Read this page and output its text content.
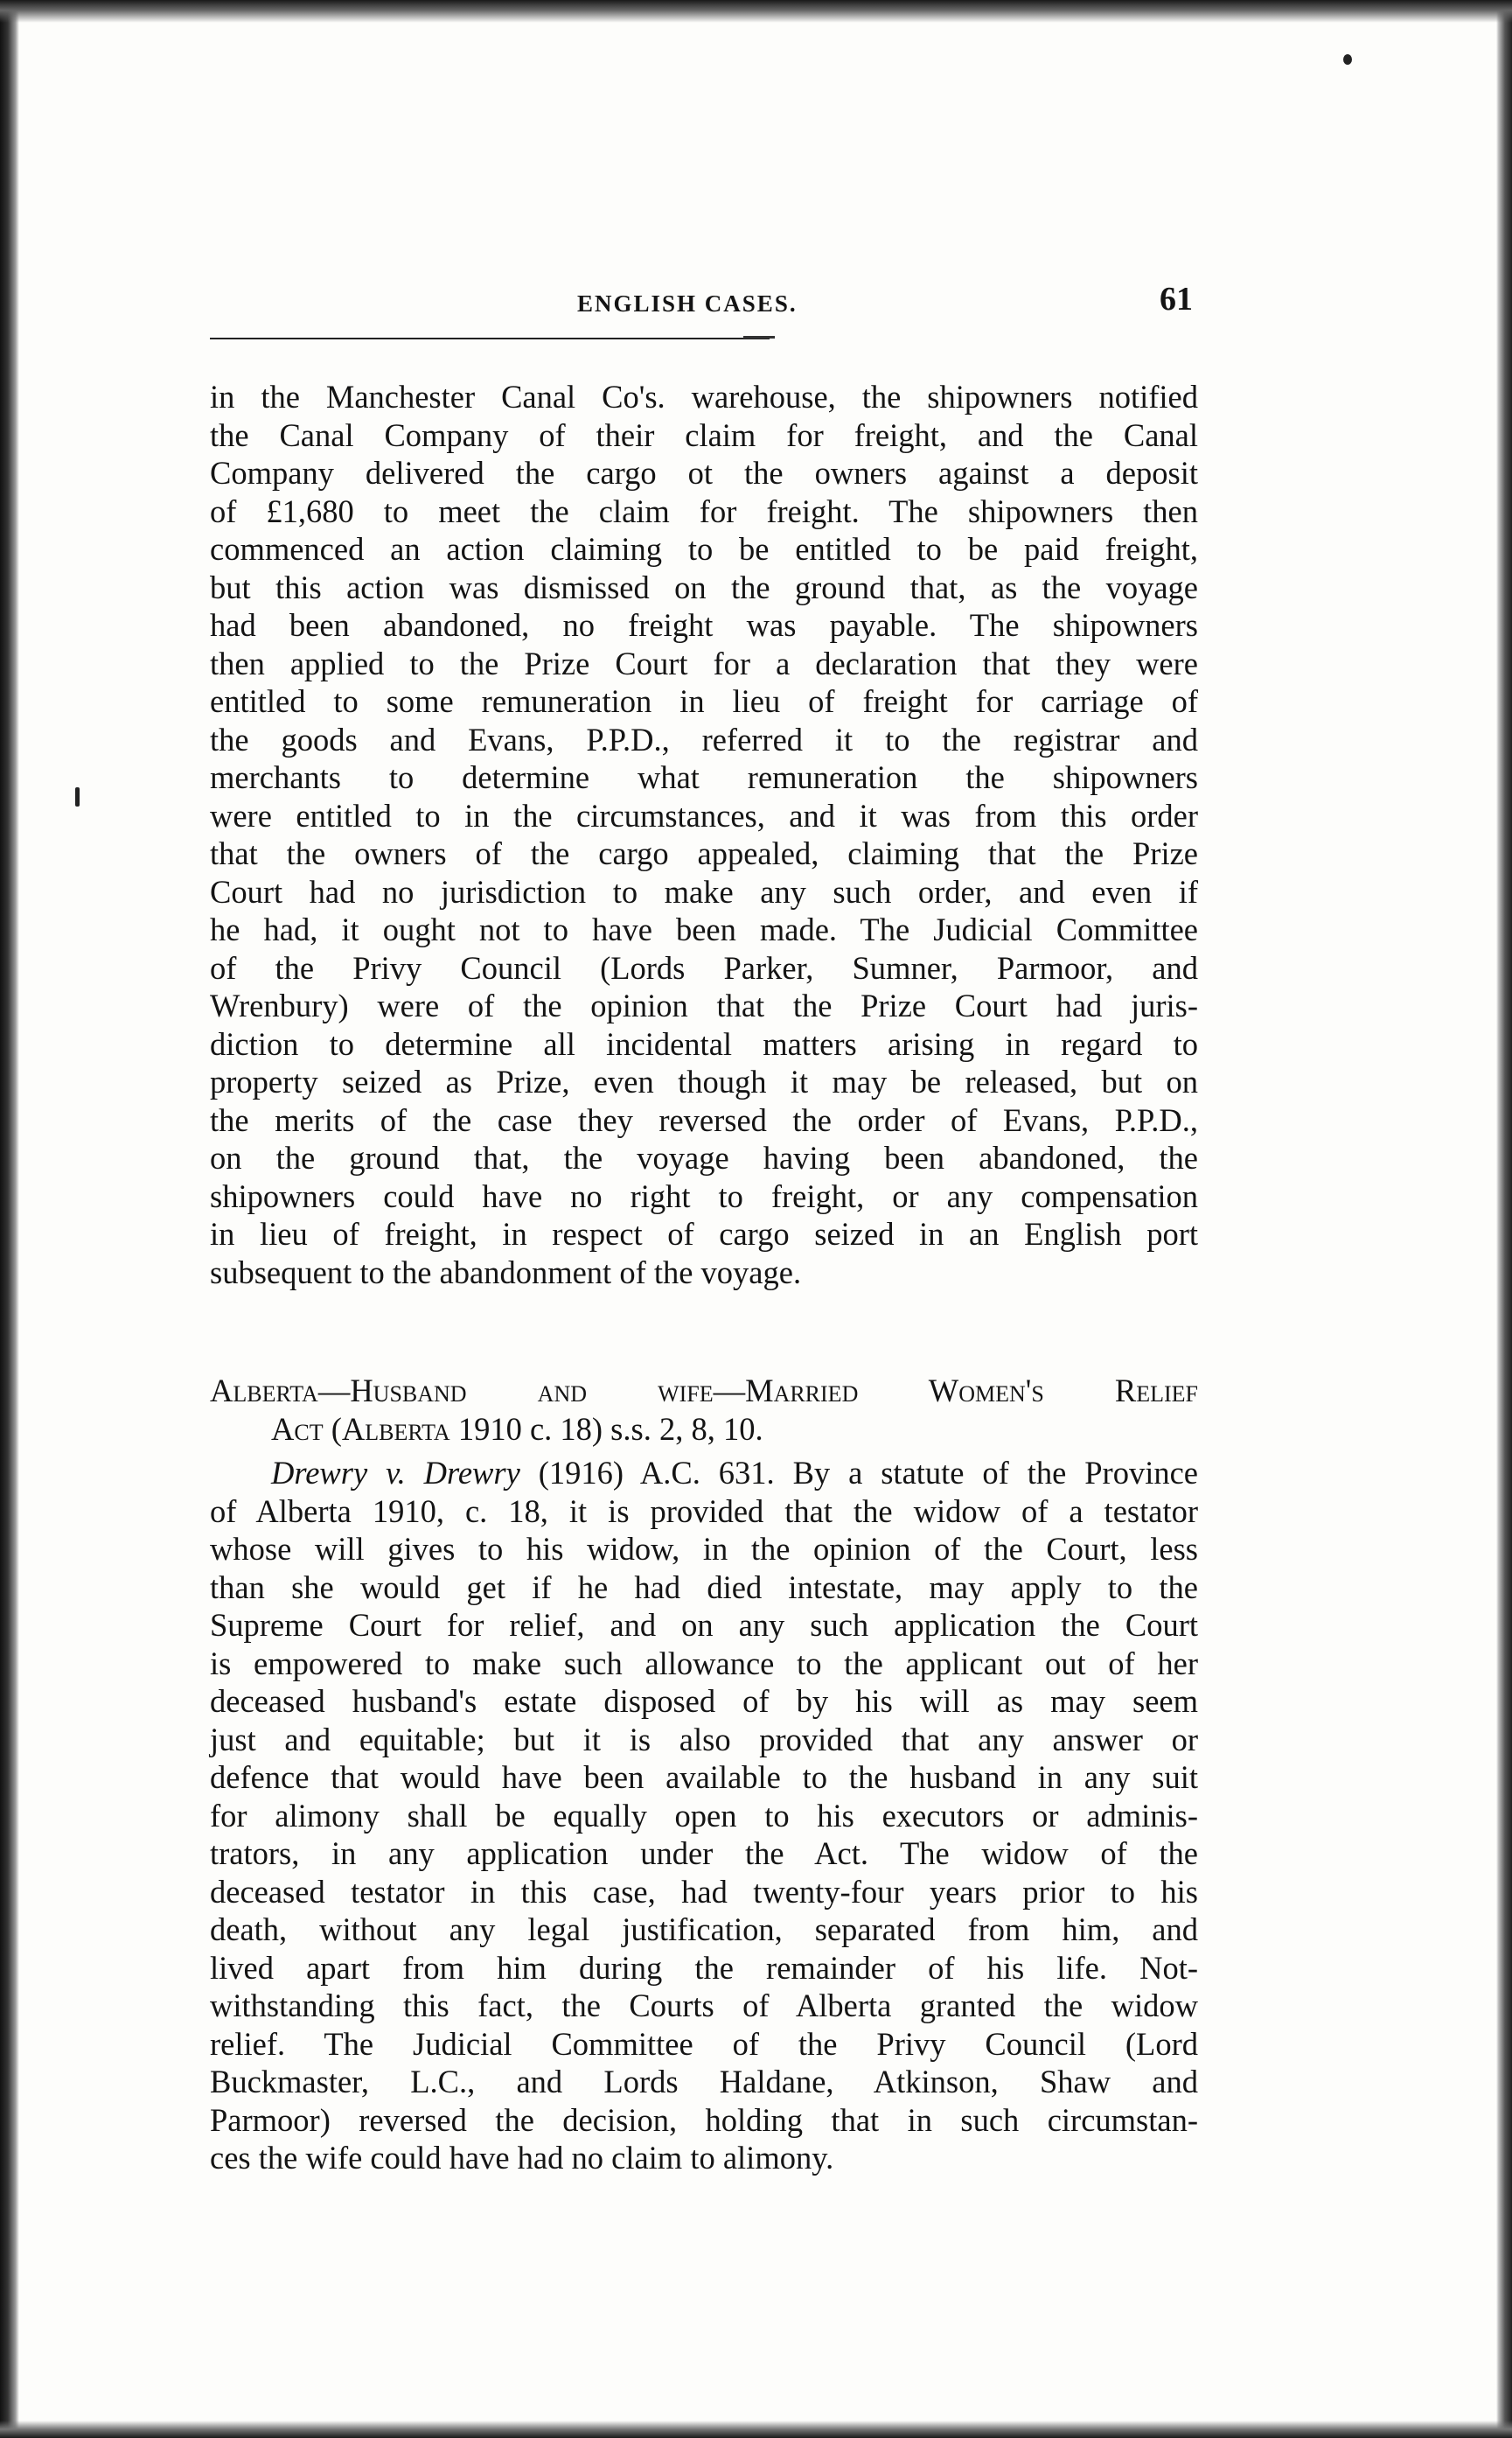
ENGLISH CASES.	61
in the Manchester Canal Co's. warehouse, the shipowners notified
the Canal Company of their claim for freight, and the Canal
Company delivered the cargo ot the owners against a deposit
of £1,680 to meet the claim for freight. The shipowners then
commenced an action claiming to be entitled to be paid freight,
but this action was dismissed on the ground that, as the voyage
had been abandoned, no freight was payable. The shipowners
then applied to the Prize Court for a declaration that they were
entitled to some remuneration in lieu of freight for carriage of
the goods and Evans, P.P.D., referred it to the registrar and
merchants to determine what remuneration the shipowners
were entitled to in the circumstances, and it was from this order
that the owners of the cargo appealed, claiming that the Prize
Court had no jurisdiction to make any such order, and even if
he had, it ought not to have been made. The Judicial Committee
of the Privy Council (Lords Parker, Sumner, Parmoor, and
Wrenbury) were of the opinion that the Prize Court had juris-
diction to determine all incidental matters arising in regard to
property seized as Prize, even though it may be released, but on
the merits of the case they reversed the order of Evans, P.P.D.,
on the ground that, the voyage having been abandoned, the
shipowners could have no right to freight, or any compensation
in lieu of freight, in respect of cargo seized in an English port
subsequent to the abandonment of the voyage.
Alberta—Husband and wife—Married Women's Relief
Act (Alberta 1910 c. 18) s.s. 2, 8, 10.
Drewry v. Drewry (1916) A.C. 631. By a statute of the Province
of Alberta 1910, c. 18, it is provided that the widow of a testator
whose will gives to his widow, in the opinion of the Court, less
than she would get if he had died intestate, may apply to the
Supreme Court for relief, and on any such application the Court
is empowered to make such allowance to the applicant out of her
deceased husband's estate disposed of by his will as may seem
just and equitable; but it is also provided that any answer or
defence that would have been available to the husband in any suit
for alimony shall be equally open to his executors or adminis-
trators, in any application under the Act. The widow of the
deceased testator in this case, had twenty-four years prior to his
death, without any legal justification, separated from him, and
lived apart from him during the remainder of his life. Not-
withstanding this fact, the Courts of Alberta granted the widow
relief. The Judicial Committee of the Privy Council (Lord
Buckmaster, L.C., and Lords Haldane, Atkinson, Shaw and
Parmoor) reversed the decision, holding that in such circumstan-
ces the wife could have had no claim to alimony.
